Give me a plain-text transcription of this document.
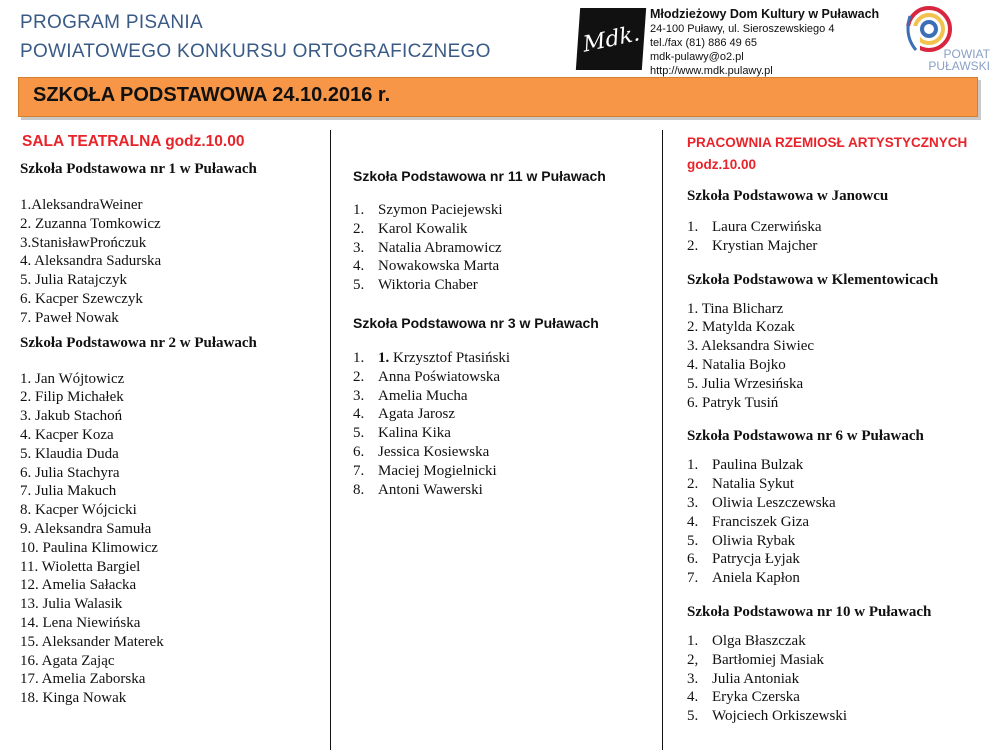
PROGRAM PISANIA
POWIATOWEGO KONKURSU ORTOGRAFICZNEGO	Mdk.
Młodzieżowy Dom Kultury w Puławach
24-100 Puławy, ul. Sieroszewskiego 4
tel./fax (81) 886 49 65
mdk-pulawy@o2.pl
http://www.mdk.pulawy.pl
POWIAT
PUŁAWSKI
SZKOŁA PODSTAWOWA 24.10.2016 r.
SALA TEATRALNA godz.10.00
Szkoła Podstawowa nr 1 w Puławach
1.AleksandraWeiner
2. Zuzanna Tomkowicz
3.StanisławPrończuk
4. Aleksandra Sadurska
5. Julia Ratajczyk
6. Kacper Szewczyk
7. Paweł Nowak
Szkoła Podstawowa nr 2 w Puławach
1. Jan Wójtowicz
2. Filip Michałek
3. Jakub Stachoń
4. Kacper Koza
5. Klaudia Duda
6. Julia Stachyra
7. Julia Makuch
8. Kacper Wójcicki
9. Aleksandra Samuła
10. Paulina Klimowicz
11. Wioletta Bargiel
12. Amelia Sałacka
13. Julia Walasik
14. Lena Niewińska
15. Aleksander Materek
16. Agata Zając
17. Amelia Zaborska
18. Kinga Nowak
Szkoła Podstawowa nr 11 w Puławach
1. Szymon Paciejewski
2. Karol Kowalik
3. Natalia Abramowicz
4. Nowakowska Marta
5. Wiktoria Chaber
Szkoła Podstawowa nr 3 w Puławach
1. 1. Krzysztof Ptasiński
2. Anna Poświatowska
3. Amelia Mucha
4. Agata Jarosz
5. Kalina Kika
6. Jessica Kosiewska
7. Maciej Mogielnicki
8. Antoni Wawerski
PRACOWNIA RZEMIOSŁ ARTYSTYCZNYCH
godz.10.00
Szkoła Podstawowa w Janowcu
1. Laura Czerwińska
2. Krystian Majcher
Szkoła Podstawowa w Klementowicach
1. Tina Blicharz
2. Matylda Kozak
3. Aleksandra Siwiec
4. Natalia Bojko
5. Julia Wrzesińska
6. Patryk Tusiń
Szkoła Podstawowa nr 6 w Puławach
1. Paulina Bulzak
2. Natalia Sykut
3. Oliwia Leszczewska
4. Franciszek Giza
5. Oliwia Rybak
6. Patrycja Łyjak
7. Aniela Kapłon
Szkoła Podstawowa nr 10 w Puławach
1. Olga Błaszczak
2, Bartłomiej Masiak
3. Julia Antoniak
4. Eryka Czerska
5. Wojciech Orkiszewski
